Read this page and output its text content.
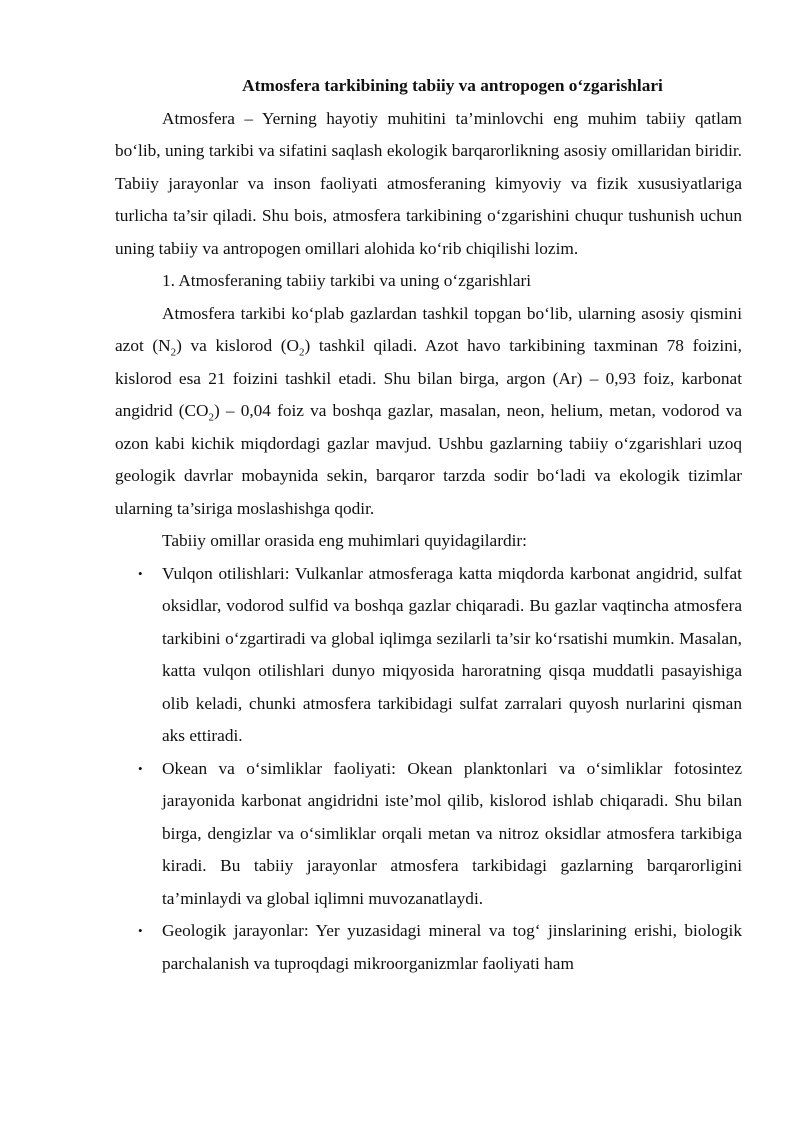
Atmosfera tarkibining tabiiy va antropogen oʻzgarishlari

Atmosfera – Yerning hayotiy muhitini ta’minlovchi eng muhim tabiiy qatlam boʻlib, uning tarkibi va sifatini saqlash ekologik barqarorlikning asosiy omillaridan biridir. Tabiiy jarayonlar va inson faoliyati atmosferaning kimyoviy va fizik xususiyatlariga turlicha ta’sir qiladi. Shu bois, atmosfera tarkibining oʻzgarishini chuqur tushunish uchun uning tabiiy va antropogen omillari alohida koʻrib chiqilishi lozim.

1. Atmosferaning tabiiy tarkibi va uning oʻzgarishlari

Atmosfera tarkibi koʻplab gazlardan tashkil topgan boʻlib, ularning asosiy qismini azot $(N_2)$ va kislorod $(O_2)$ tashkil qiladi. Azot havo tarkibining taxminan 78 foizini, kislorod esa 21 foizini tashkil etadi. Shu bilan birga, argon (Ar) – 0,93 foiz, karbonat angidrid $(CO_2) - 0,04$ foiz va boshqa gazlar, masalan, neon, helium, metan, vodorod va ozon kabi kichik miqdordagi gazlar mavjud. Ushbu gazlarning tabiiy oʻzgarishlari uzoq geologik davrlar mobaynida sekin, barqaror tarzda sodir boʻladi va ekologik tizimlar ularning ta’siriga moslashishga qodir.

Tabiiy omillar orasida eng muhimlari quyidagilardir:

• Vulqon otilishlari: Vulkanlar atmosferaga katta miqdorda karbonat angidrid, sulfat oksidlar, vodorod sulfid va boshqa gazlar chiqaradi. Bu gazlar vaqtincha atmosfera tarkibini oʻzgartiradi va global iqlimga sezilarli ta’sir koʻrsatishi mumkin. Masalan, katta vulqon otilishlari dunyo miqyosida haroratning qisqa muddatli pasayishiga olib keladi, chunki atmosfera tarkibidagi sulfat zarralari quyosh nurlarini qisman aks ettiradi.
• Okean va oʻsimliklar faoliyati: Okean planktonlari va oʻsimliklar fotosintez jarayonida karbonat angidridni iste’mol qilib, kislorod ishlab chiqaradi. Shu bilan birga, dengizlar va oʻsimliklar orqali metan va nitroz oksidlar atmosfera tarkibiga kiradi. Bu tabiiy jarayonlar atmosfera tarkibidagi gazlarning barqarorligini ta’minlaydi va global iqlimni muvozanatlaydi.
• Geologik jarayonlar: Yer yuzasidagi mineral va togʻ jinslarining erishi, biologik parchalanish va tuproqdagi mikroorganizmlar faoliyati ham
